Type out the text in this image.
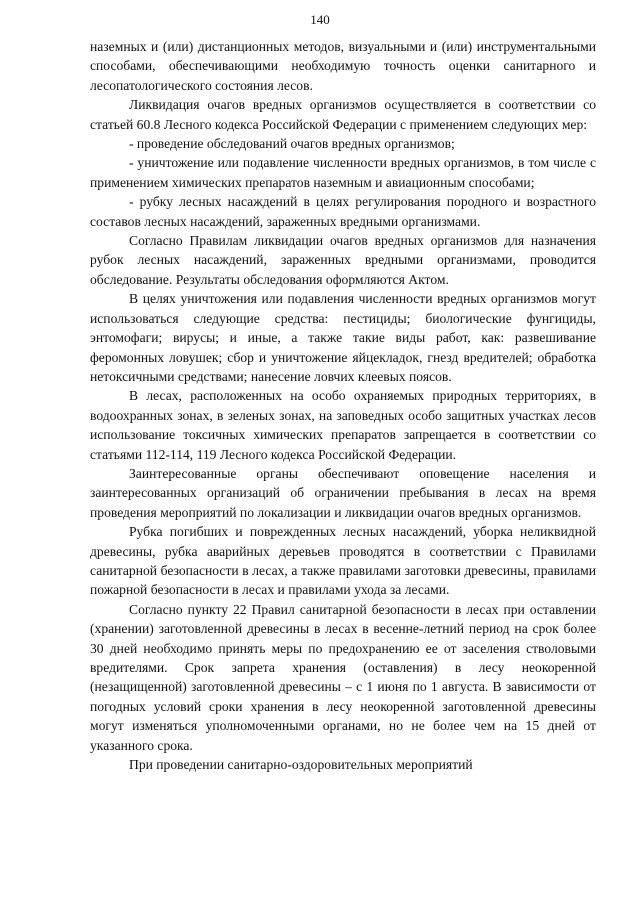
140

наземных и (или) дистанционных методов, визуальными и (или) инструментальными способами, обеспечивающими необходимую точность оценки санитарного и лесопатологического состояния лесов.

Ликвидация очагов вредных организмов осуществляется в соответствии со статьей 60.8 Лесного кодекса Российской Федерации с применением следующих мер:

- проведение обследований очагов вредных организмов;

- уничтожение или подавление численности вредных организмов, в том числе с применением химических препаратов наземным и авиационным способами;

- рубку лесных насаждений в целях регулирования породного и возрастного составов лесных насаждений, зараженных вредными организмами.

Согласно Правилам ликвидации очагов вредных организмов для назначения рубок лесных насаждений, зараженных вредными организмами, проводится обследование. Результаты обследования оформляются Актом.

В целях уничтожения или подавления численности вредных организмов могут использоваться следующие средства: пестициды; биологические фунгициды, энтомофаги; вирусы; и иные, а также такие виды работ, как: развешивание феромонных ловушек; сбор и уничтожение яйцекладок, гнезд вредителей; обработка нетоксичными средствами; нанесение ловчих клеевых поясов.

В лесах, расположенных на особо охраняемых природных территориях, в водоохранных зонах, в зеленых зонах, на заповедных особо защитных участках лесов использование токсичных химических препаратов запрещается в соответствии со статьями 112-114, 119 Лесного кодекса Российской Федерации.

Заинтересованные органы обеспечивают оповещение населения и заинтересованных организаций об ограничении пребывания в лесах на время проведения мероприятий по локализации и ликвидации очагов вредных организмов.

Рубка погибших и поврежденных лесных насаждений, уборка неликвидной древесины, рубка аварийных деревьев проводятся в соответствии с Правилами санитарной безопасности в лесах, а также правилами заготовки древесины, правилами пожарной безопасности в лесах и правилами ухода за лесами.

Согласно пункту 22 Правил санитарной безопасности в лесах при оставлении (хранении) заготовленной древесины в лесах в весенне-летний период на срок более 30 дней необходимо принять меры по предохранению ее от заселения стволовыми вредителями. Срок запрета хранения (оставления) в лесу неокоренной (незащищенной) заготовленной древесины – с 1 июня по 1 августа. В зависимости от погодных условий сроки хранения в лесу неокоренной заготовленной древесины могут изменяться уполномоченными органами, но не более чем на 15 дней от указанного срока.

При проведении санитарно-оздоровительных мероприятий
